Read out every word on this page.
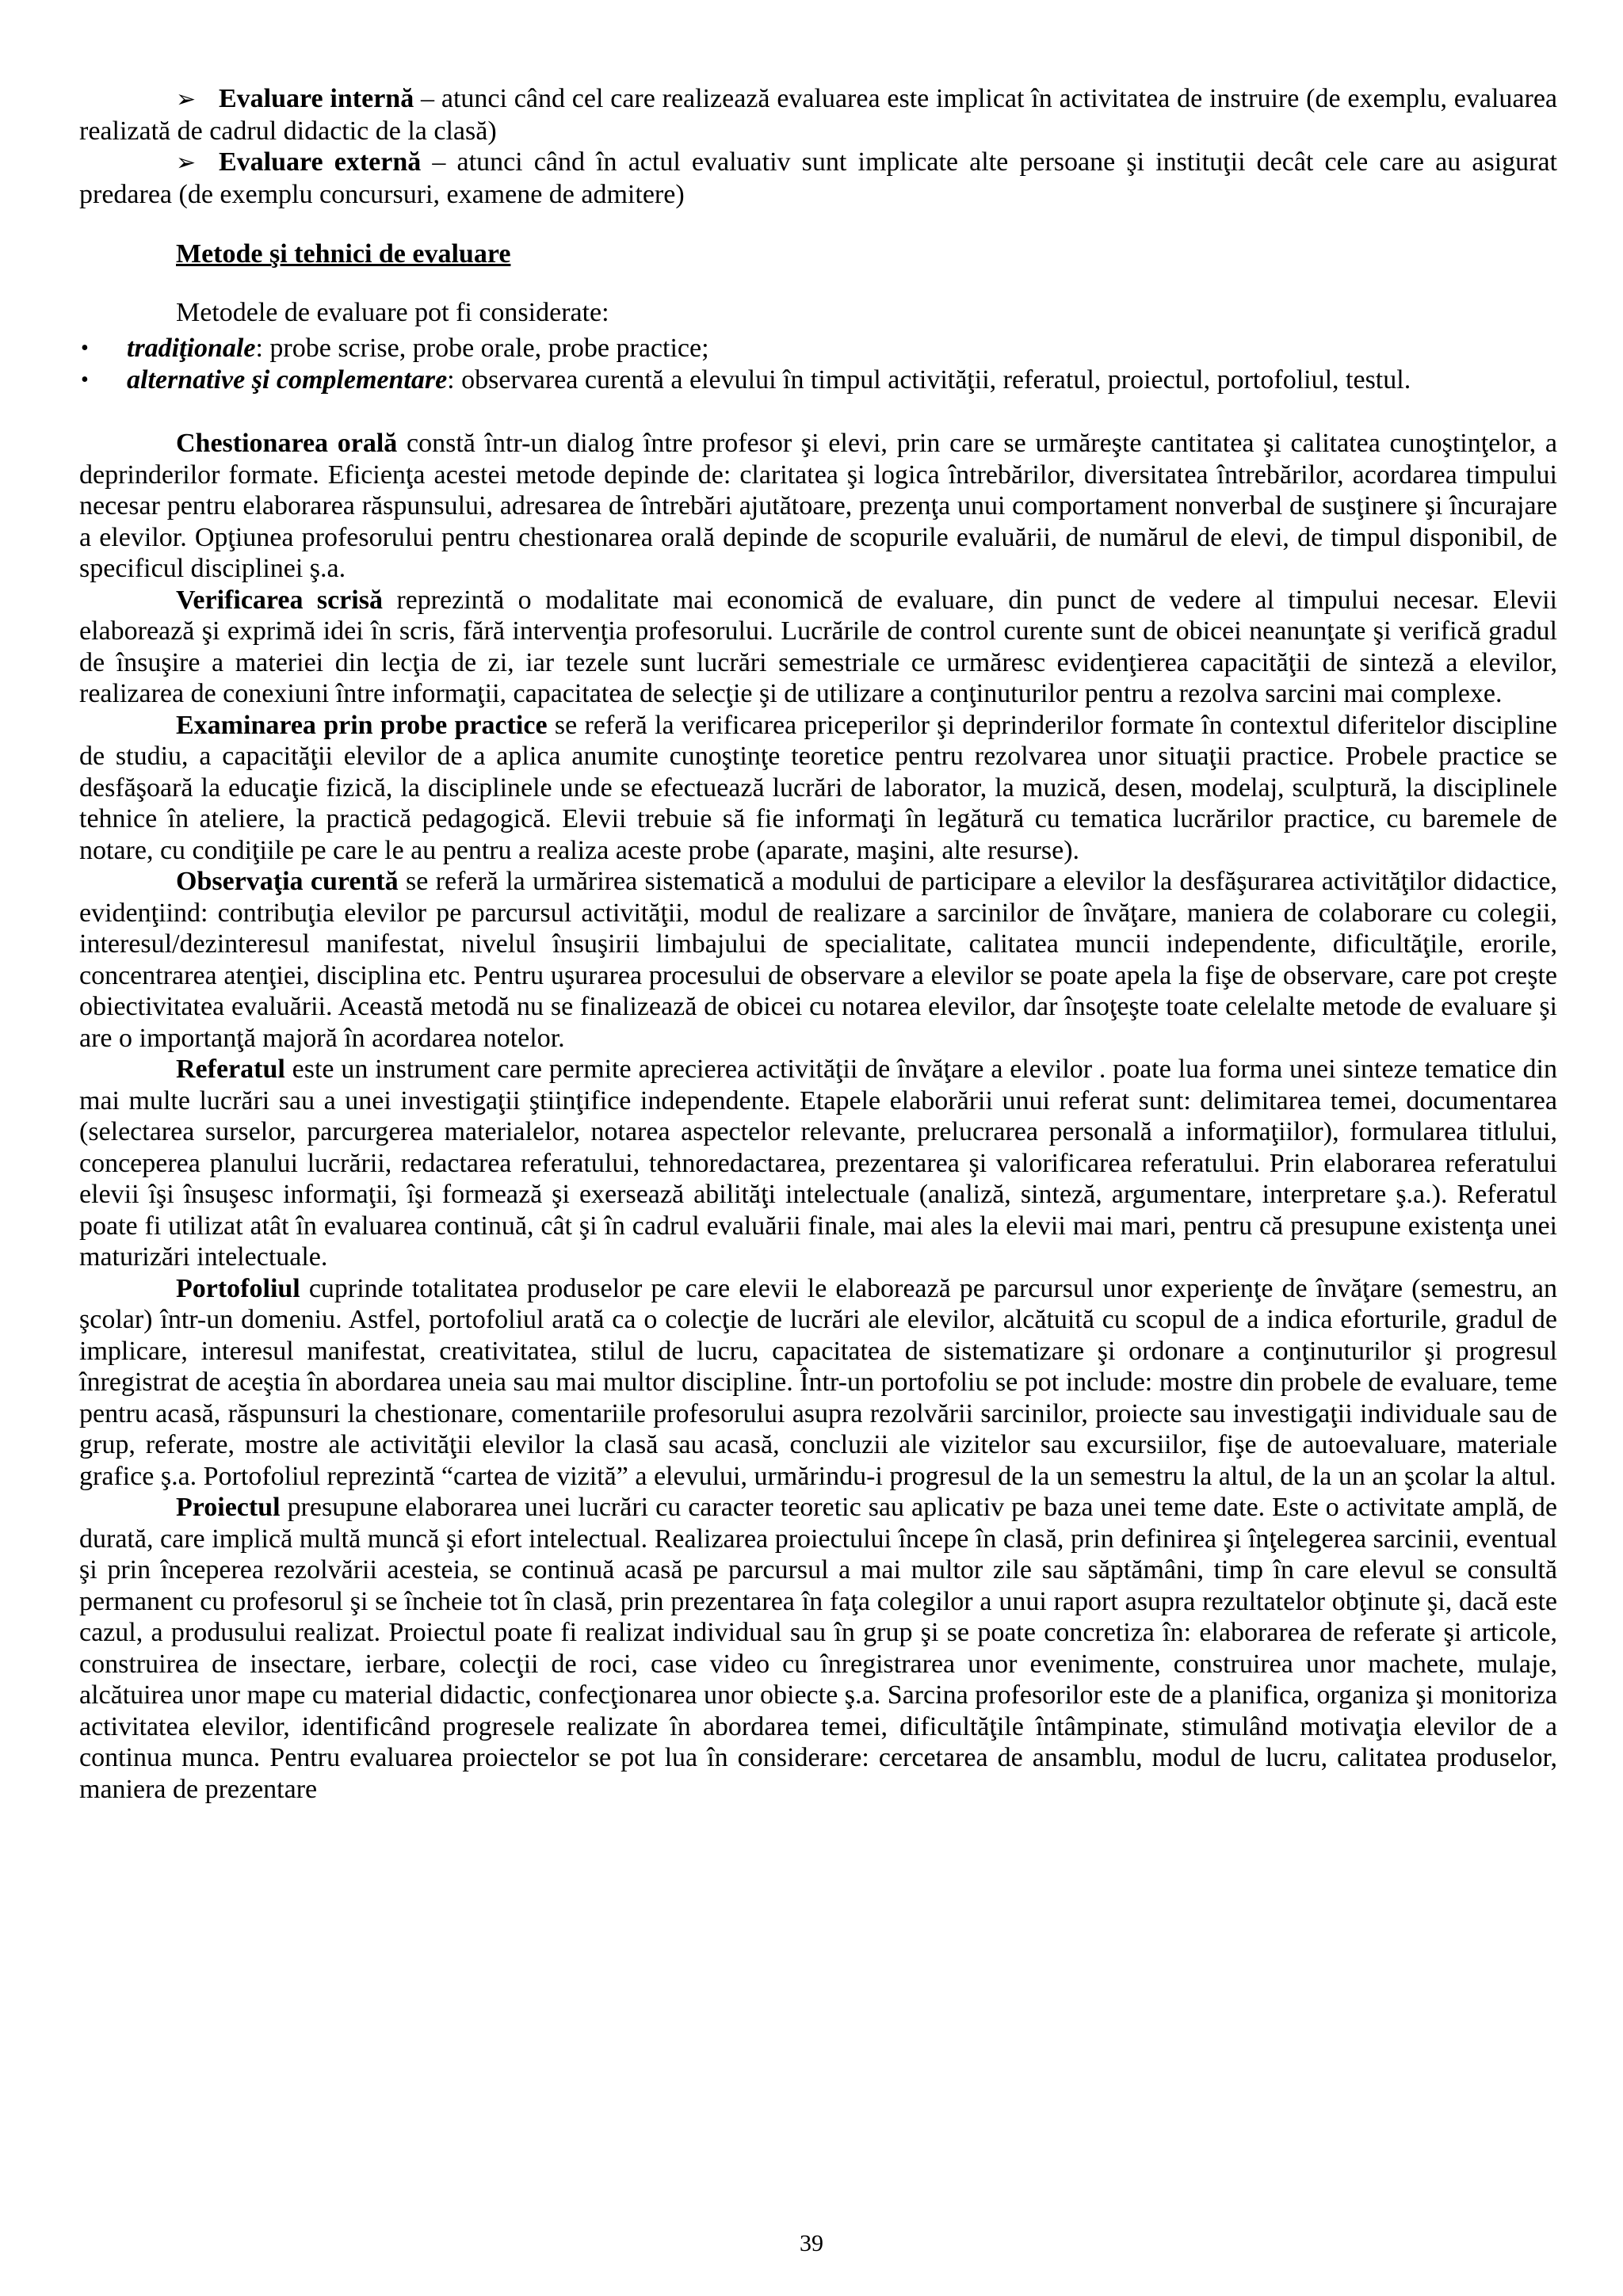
➢ Evaluare internă – atunci când cel care realizează evaluarea este implicat în activitatea de instruire (de exemplu, evaluarea realizată de cadrul didactic de la clasă)

➢ Evaluare externă – atunci când în actul evaluativ sunt implicate alte persoane şi instituţii decât cele care au asigurat predarea (de exemplu concursuri, examene de admitere)

Metode şi tehnici de evaluare

Metodele de evaluare pot fi considerate:

• tradiţionale: probe scrise, probe orale, probe practice;
• alternative şi complementare: observarea curentă a elevului în timpul activităţii, referatul, proiectul, portofoliul, testul.

Chestionarea orală constă într-un dialog între profesor şi elevi, prin care se urmăreşte cantitatea şi calitatea cunoştinţelor, a deprinderilor formate. Eficienţa acestei metode depinde de: claritatea şi logica întrebărilor, diversitatea întrebărilor, acordarea timpului necesar pentru elaborarea răspunsului, adresarea de întrebări ajutătoare, prezenţa unui comportament nonverbal de susţinere şi încurajare a elevilor. Opţiunea profesorului pentru chestionarea orală depinde de scopurile evaluării, de numărul de elevi, de timpul disponibil, de specificul disciplinei ş.a.

Verificarea scrisă reprezintă o modalitate mai economică de evaluare, din punct de vedere al timpului necesar. Elevii elaborează şi exprimă idei în scris, fără intervenţia profesorului. Lucrările de control curente sunt de obicei neanunţate şi verifică gradul de însuşire a materiei din lecţia de zi, iar tezele sunt lucrări semestriale ce urmăresc evidenţierea capacităţii de sinteză a elevilor, realizarea de conexiuni între informaţii, capacitatea de selecţie şi de utilizare a conţinuturilor pentru a rezolva sarcini mai complexe.

Examinarea prin probe practice se referă la verificarea priceperilor şi deprinderilor formate în contextul diferitelor discipline de studiu, a capacităţii elevilor de a aplica anumite cunoştinţe teoretice pentru rezolvarea unor situaţii practice. Probele practice se desfăşoară la educaţie fizică, la disciplinele unde se efectuează lucrări de laborator, la muzică, desen, modelaj, sculptură, la disciplinele tehnice în ateliere, la practică pedagogică. Elevii trebuie să fie informaţi în legătură cu tematica lucrărilor practice, cu baremele de notare, cu condiţiile pe care le au pentru a realiza aceste probe (aparate, maşini, alte resurse).

Observaţia curentă se referă la urmărirea sistematică a modului de participare a elevilor la desfăşurarea activităţilor didactice, evidenţiind: contribuţia elevilor pe parcursul activităţii, modul de realizare a sarcinilor de învăţare, maniera de colaborare cu colegii, interesul/dezinteresul manifestat, nivelul însuşirii limbajului de specialitate, calitatea muncii independente, dificultăţile, erorile, concentrarea atenţiei, disciplina etc. Pentru uşurarea procesului de observare a elevilor se poate apela la fişe de observare, care pot creşte obiectivitatea evaluării. Această metodă nu se finalizează de obicei cu notarea elevilor, dar însoţeşte toate celelalte metode de evaluare şi are o importanţă majoră în acordarea notelor.

Referatul este un instrument care permite aprecierea activităţii de învăţare a elevilor . poate lua forma unei sinteze tematice din mai multe lucrări sau a unei investigaţii ştiinţifice independente. Etapele elaborării unui referat sunt: delimitarea temei, documentarea (selectarea surselor, parcurgerea materialelor, notarea aspectelor relevante, prelucrarea personală a informaţiilor), formularea titlului, conceperea planului lucrării, redactarea referatului, tehnoredactarea, prezentarea şi valorificarea referatului. Prin elaborarea referatului elevii îşi însuşesc informaţii, îşi formează şi exersează abilităţi intelectuale (analiză, sinteză, argumentare, interpretare ş.a.). Referatul poate fi utilizat atât în evaluarea continuă, cât şi în cadrul evaluării finale, mai ales la elevii mai mari, pentru că presupune existenţa unei maturizări intelectuale.

Portofoliul cuprinde totalitatea produselor pe care elevii le elaborează pe parcursul unor experienţe de învăţare (semestru, an şcolar) într-un domeniu. Astfel, portofoliul arată ca o colecţie de lucrări ale elevilor, alcătuită cu scopul de a indica eforturile, gradul de implicare, interesul manifestat, creativitatea, stilul de lucru, capacitatea de sistematizare şi ordonare a conţinuturilor şi progresul înregistrat de aceştia în abordarea uneia sau mai multor discipline. Într-un portofoliu se pot include: mostre din probele de evaluare, teme pentru acasă, răspunsuri la chestionare, comentariile profesorului asupra rezolvării sarcinilor, proiecte sau investigaţii individuale sau de grup, referate, mostre ale activităţii elevilor la clasă sau acasă, concluzii ale vizitelor sau excursiilor, fişe de autoevaluare, materiale grafice ş.a. Portofoliul reprezintă “cartea de vizită” a elevului, urmărindu-i progresul de la un semestru la altul, de la un an şcolar la altul.

Proiectul presupune elaborarea unei lucrări cu caracter teoretic sau aplicativ pe baza unei teme date. Este o activitate amplă, de durată, care implică multă muncă şi efort intelectual. Realizarea proiectului începe în clasă, prin definirea şi înţelegerea sarcinii, eventual şi prin începerea rezolvării acesteia, se continuă acasă pe parcursul a mai multor zile sau săptămâni, timp în care elevul se consultă permanent cu profesorul şi se încheie tot în clasă, prin prezentarea în faţa colegilor a unui raport asupra rezultatelor obţinute şi, dacă este cazul, a produsului realizat. Proiectul poate fi realizat individual sau în grup şi se poate concretiza în: elaborarea de referate şi articole, construirea de insectare, ierbare, colecţii de roci, case video cu înregistrarea unor evenimente, construirea unor machete, mulaje, alcătuirea unor mape cu material didactic, confecţionarea unor obiecte ş.a. Sarcina profesorilor este de a planifica, organiza şi monitoriza activitatea elevilor, identificând progresele realizate în abordarea temei, dificultăţile întâmpinate, stimulând motivaţia elevilor de a continua munca. Pentru evaluarea proiectelor se pot lua în considerare: cercetarea de ansamblu, modul de lucru, calitatea produselor, maniera de prezentare

39
